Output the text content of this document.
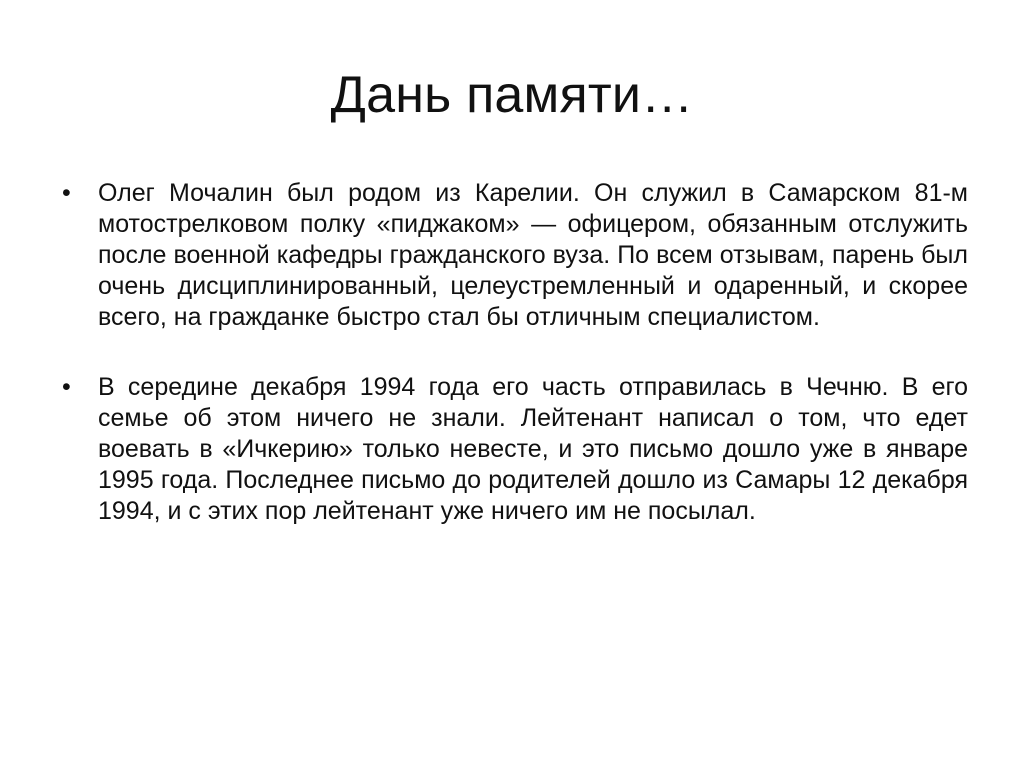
Дань памяти…
•	Олег Мочалин был родом из Карелии. Он служил в Самарском 81-м мотострелковом полку «пиджаком» — офицером, обязанным отслужить после военной кафедры гражданского вуза. По всем отзывам, парень был очень дисциплинированный, целеустремленный и одаренный, и скорее всего, на гражданке быстро стал бы отличным специалистом.
•	В середине декабря 1994 года его часть отправилась в Чечню. В его семье об этом ничего не знали. Лейтенант написал о том, что едет воевать в «Ичкерию» только невесте, и это письмо дошло уже в январе 1995 года. Последнее письмо до родителей дошло из Самары 12 декабря 1994, и с этих пор лейтенант уже ничего им не посылал.
